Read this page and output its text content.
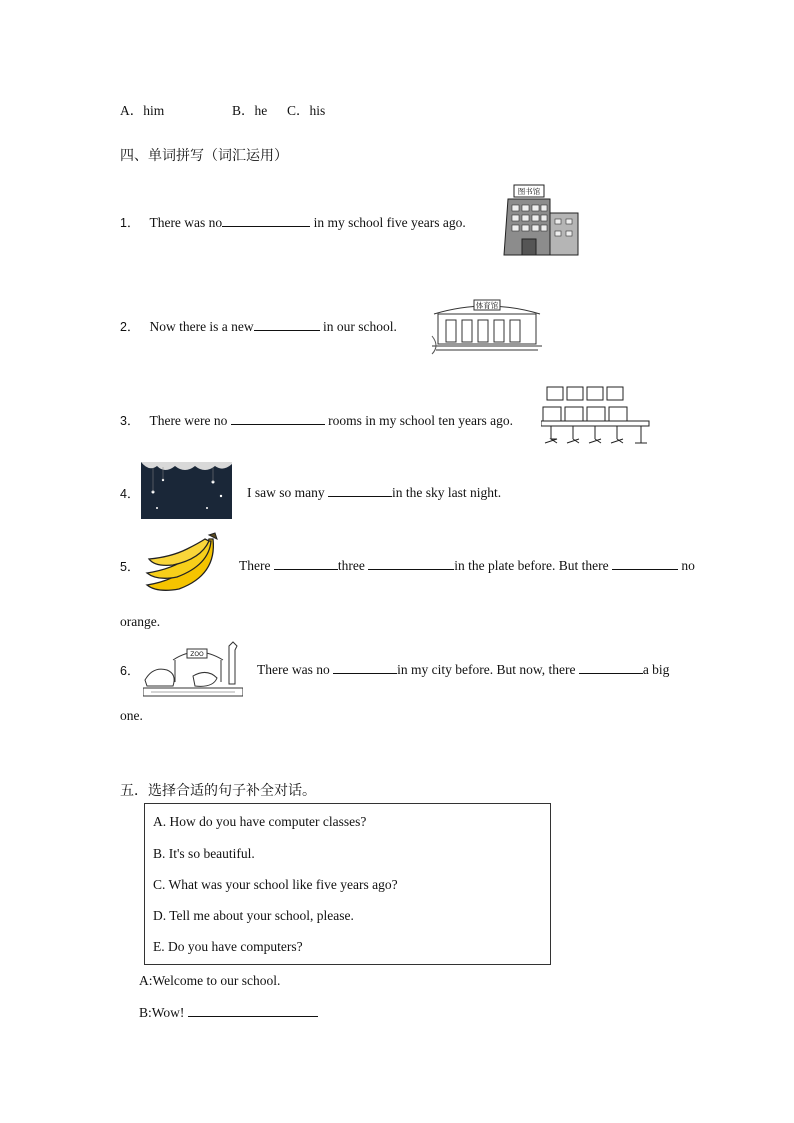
A．him	B．he C．his
四、单词拼写（词汇运用）
1． There was no	in my school five years ago.
图书馆
2． Now there is a new	in our school.
体育馆
3． There were no	rooms in my school ten years ago.
4．	I saw so many	in the sky last night.
5．	There	three	in the plate before. But there	no
orange.
6．
ZOO
There was no	in my city before. But now, there	a big
one.
五．选择合适的句子补全对话。
A. How do you have computer classes?
B. It's so beautiful.
C. What was your school like five years ago?
D. Tell me about your school, please.
E. Do you have computers?
A:Welcome to our school.
B:Wow!
